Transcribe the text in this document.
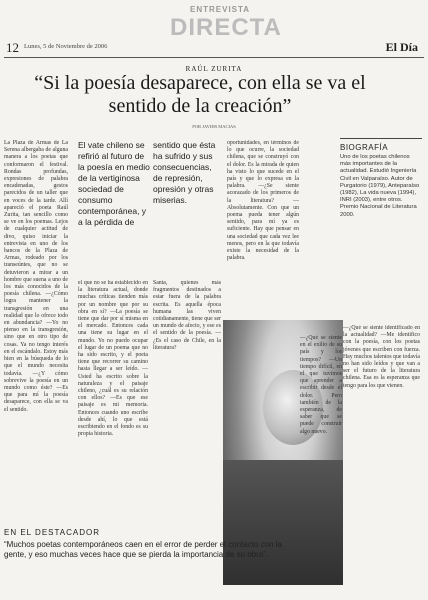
ENTREVISTA
DIRECTA
12 Lunes, 5 de Noviembre de 2006	El Día
RAÚL ZURITA
“Si la poesía desaparece, con ella se va el sentido de la creación”
POR JAVIER MACIAS

La Plaza de Armas de La Serena albergaba de alguna manera a los poetas que conformaron el festival. Rondas profundas, expresiones de palabra encadenadas, gestos parecidos de un taller que en voces de la tarde. Allí apareció el poeta Raúl Zurita, tan sencillo como se ve en los poemas. Lejos de cualquier actitud de divo, quiso iniciar la entrevista en uno de los bancos de la Plaza de Armas, rodeado por los transeúntes, que no se detuvieron a mirar a un hombre que suena a uno de los más conocidos de la poesía chilena. —¿Cómo logra mantener la transgresión en una realidad que lo ofrece todo en abundancia? —Yo no pienso en la transgresión, sino que en otro tipo de cosas. Ya no tengo interés en el escándalo. Estoy más bien en la búsqueda de lo que el mundo necesita todavía. —¿Y cómo sobrevive la poesía en un mundo como éste? —Es que para mí la poesía desaparece, con ella se va el sentido.

El vate chileno se refirió al futuro de la poesía en medio de la vertiginosa sociedad de consumo contemporánea, y a la pérdida de
sentido que ésta ha sufrido y sus consecuencias, de represión, opresión y otras miserias.

el que no se ha establecido en la literatura actual, donde muchas críticas tienden más por un nombre que por su obra en sí? —La poesía se tiene que dar por sí misma en el mercado. Entonces cada una tiene su lugar en el mundo. Yo no puedo ocupar el lugar de un poema que no ha sido escrito, y el poeta tiene que recorrer su camino hasta llegar a ser leído. —Usted ha escrito sobre la naturaleza y el paisaje chileno, ¿cuál es su relación con ellos? —Es que ese paisaje es mi memoria. Entonces cuando uno escribe desde ahí, lo que está escribiendo en el fondo es su propia historia.

Santa, quienes más fragmentos destinados a estar fuera de la palabra escrita. Es aquella época humana las viven cotidianamente, tiene que ser un mundo de afecto, y ese es el sentido de la poesía. —¿Es el caso de Chile, en la literatura?

oportunidades, en términos de lo que ocurre, la sociedad chilena, que se construyó con el dolor. Es la mirada de quien ha visto lo que sucede en el país y que lo expresa en la palabra. —¿Se siente acorazado de los primeros de la literatura? —Absolutamente. Con que un poema pueda tener algún sentido, para mí ya es suficiente. Hay que pensar en una sociedad que cada vez lee menos, pero en la que todavía existe la necesidad de la palabra.

—¿Qué se siente en el exilio de su país y los tiempos? —Un tiempo difícil, en el que tuvimos que aprender a escribir desde el dolor. Pero también de la esperanza, de saber que se puede construir algo nuevo.

BIOGRAFÍA
Uno de los poetas chilenos más importantes de la actualidad. Estudió Ingeniería Civil en Valparaíso. Autor de Purgatorio (1979), Anteparaíso (1982), La vida nueva (1994), INRI (2003), entre otros. Premio Nacional de Literatura 2000.

—¿Qué se siente identificado en la actualidad? —Me identifico con la poesía, con los poetas jóvenes que escriben con fuerza. Hay muchos talentos que todavía no han sido leídos y que van a ser el futuro de la literatura chilena. Esa es la esperanza que tengo para los que vienen.

EN EL DESTACADOR
“Muchos poetas contemporáneos caen en el error de perder el contacto con la gente, y eso muchas veces hace que se pierda la importancia de su obra”.
